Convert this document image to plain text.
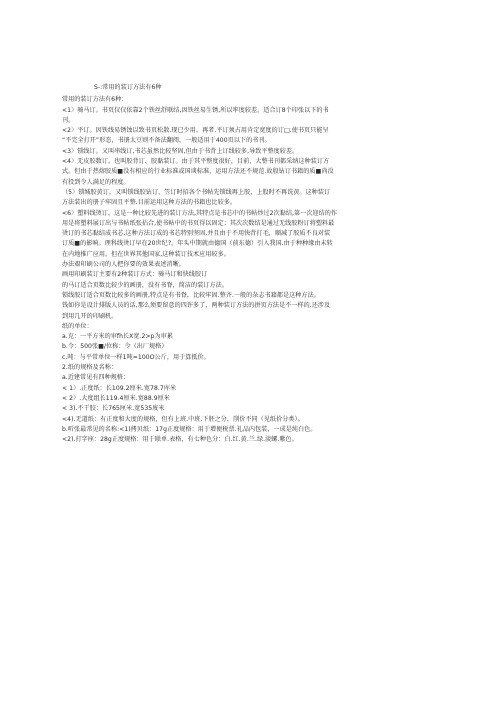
S-:常用的装订方法有6种

常用的装订方法有6种：

<1〉骑马订。书页仅仅依靠2个铁丝舒联结,因铁丝易生锈,所以牢度较差。适合订8个印张以下的书

刊。

<2〉平订。因铁线易锈蚀以致书页松散.现已少用。再者.平订须占用肯定宽度的订□.使书页只能呈

“不完全打开”形态，书册太豆则不备法翻阅，一般适用于400页以下的书刊。

<3〉锁线订。又叫串线订,书芯虽然比较坚固,但由于书背上订线较多,导致平整度较差。

<4〉无皮胶数订。也叫胶背订、胶黏装订。由于其平整度很好，目前，大整书刊都采纳这种装订方

式。但由于热熔胶质■没有相应的行业标准或国谈标准，运用方法还不规范.故殷钻订书籍的质■尚没

有投到令人满足的程度。

（5〉锁缄胶黄订。又叫锁线胶钻订，笠订时招各个书帖先锁线再上胶，上股时不再诜黄。这种装订

方法装出的册子牢固且平整.目前运用这种方法的书籍也比较多。

<6〉塑料线烫订。这是一种比较先进的装订方法,其特点是书芯中的书帖炒过2次黏结,第一次迎结的作

用是将塑料展订出与书帖纸张拈合,使书帖中的书页得以固定；其次次数结是通过无线胶粉订将塑料最

烫订的书芯黏结成书芯,这种方法订成的书芯特别坚固,并且由于不用快背打毛，顺减了胶质不良对装

订质■的影响。理科线烫订早在20世纪?。年头中期就由德国（前东德）引入我国.由于种种缘由未转

在内地推广应用。但在世界其他国家,这种装订技术应用较多。

办法艰印刷公司的人把你要的效果表述消晰。

画用印刷装订主要有2种装订方式：骑马订和快线胶订

的马订适合页数比较少的画册，没有书脊，简洁的装订方法。

锁线胶订适合页数比较多的画册,特点是有书脊，比较牢固.整齐.一般的杂志书籍都是这种方法。

钱如你是设计排版人员的话,那么须要留意的四许多了，两种装订方法的拼页方法是不一样的.还涉及

到用几开的印刷机。

纸的单位：

a.克：一平方米的审fh长X宽.2>p为审累

b.令：500张■/位称：令（出厂规格）

c.吨：与平常单位一样1吨=100O公斤，用于算抵价。

2.纸的规格及名称：

a.近建常见有四种规格：

< 1〉.正度纸：长109.2厘米.宽78.7库米

< 2〉.大度组长119.4厘米.宽88.9厘米

< 3).不干胶：长765匣米.宽535废米

<4).无道纸：有正度和大度的规格，但有上班.中班.下胚之分，削价不同（见纸价分类）。

b.听张最常见的名称:<1)拷贝纸：17g正度规格：用于增便税票.礼品内包装，一成是纯白色。

<2).打字座：28g正度规格：用于联单.表格，有七种色分：白.红.黄.兰.绿.淡螺.紫色。
